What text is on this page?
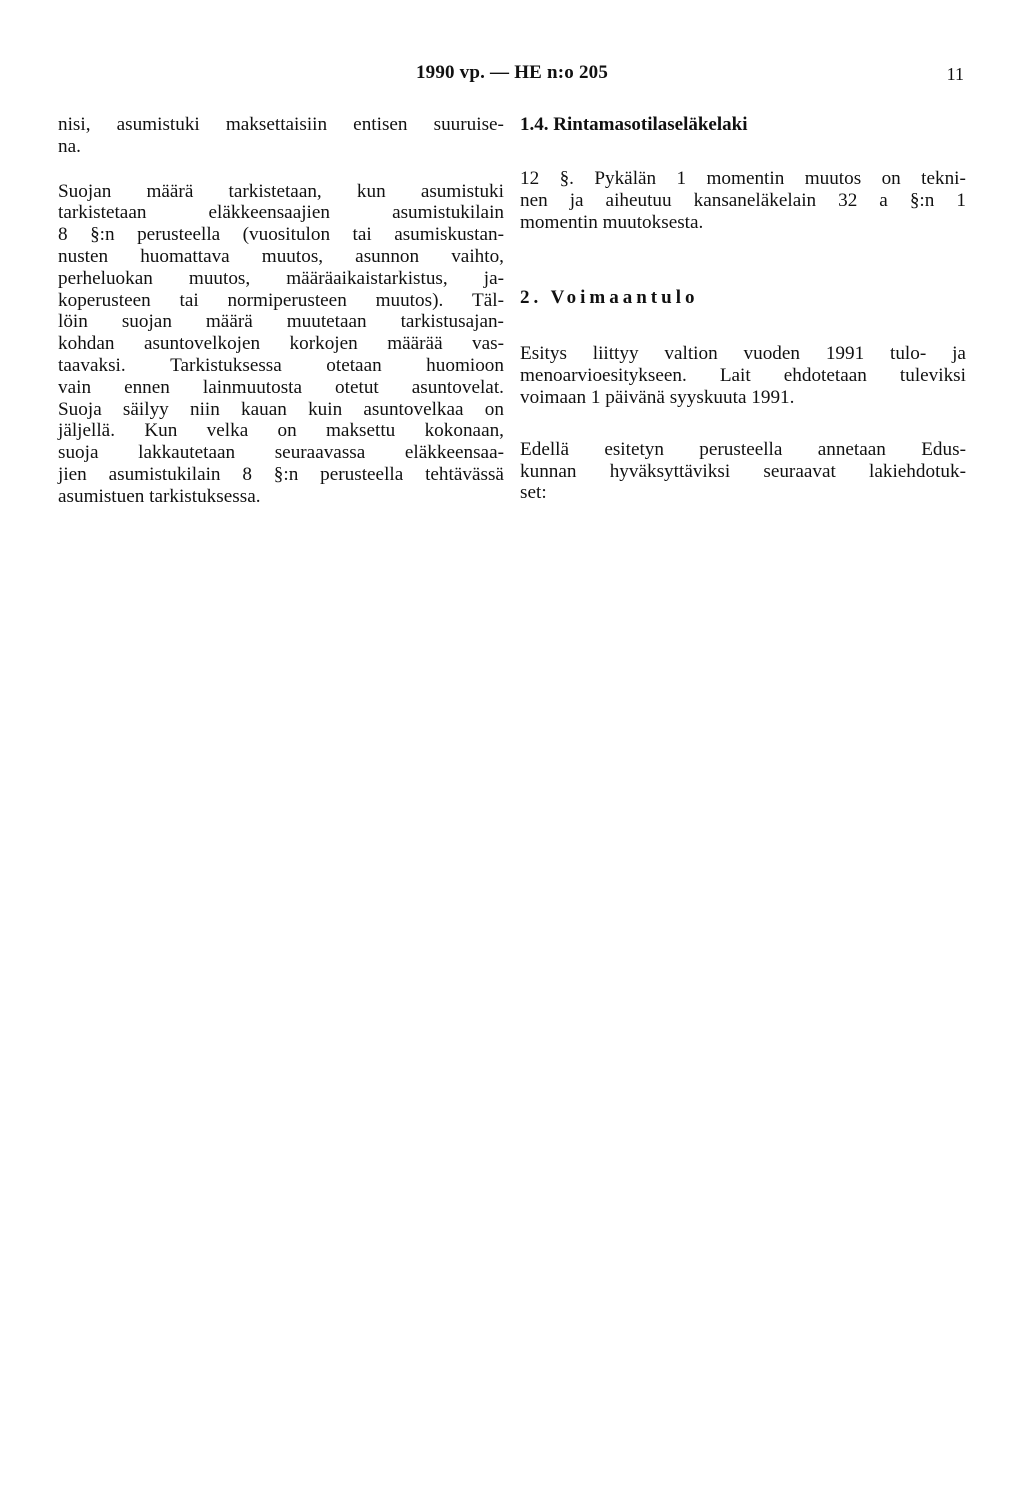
1990 vp. — HE n:o 205	11
nisi, asumistuki maksettaisiin entisen suuruise-
na.
Suojan määrä tarkistetaan, kun asumistuki
tarkistetaan	eläkkeensaajien	asumistukilain
8 §:n perusteella (vuositulon tai asumiskustan-
nusten huomattava muutos, asunnon vaihto,
perheluokan muutos, määräaikaistarkistus, ja-
koperusteen tai normiperusteen muutos). Täl-
löin suojan määrä muutetaan tarkistusajan-
kohdan asuntovelkojen korkojen määrää vas-
taavaksi. Tarkistuksessa otetaan huomioon
vain ennen lainmuutosta otetut asuntovelat.
Suoja säilyy niin kauan kuin asuntovelkaa on
jäljellä. Kun velka on maksettu kokonaan,
suoja lakkautetaan seuraavassa eläkkeensaa-
jien asumistukilain 8 §:n perusteella tehtävässä
asumistuen tarkistuksessa.
1.4. Rintamasotilaseläkelaki
12 §. Pykälän 1 momentin muutos on tekni-
nen ja aiheutuu kansaneläkelain 32 a §:n 1
momentin muutoksesta.
2. Voimaantulo
Esitys liittyy valtion vuoden 1991 tulo- ja
menoarvioesitykseen. Lait ehdotetaan tuleviksi
voimaan 1 päivänä syyskuuta 1991.
Edellä esitetyn perusteella annetaan Edus-
kunnan hyväksyttäviksi seuraavat lakiehdotuk-
set:
